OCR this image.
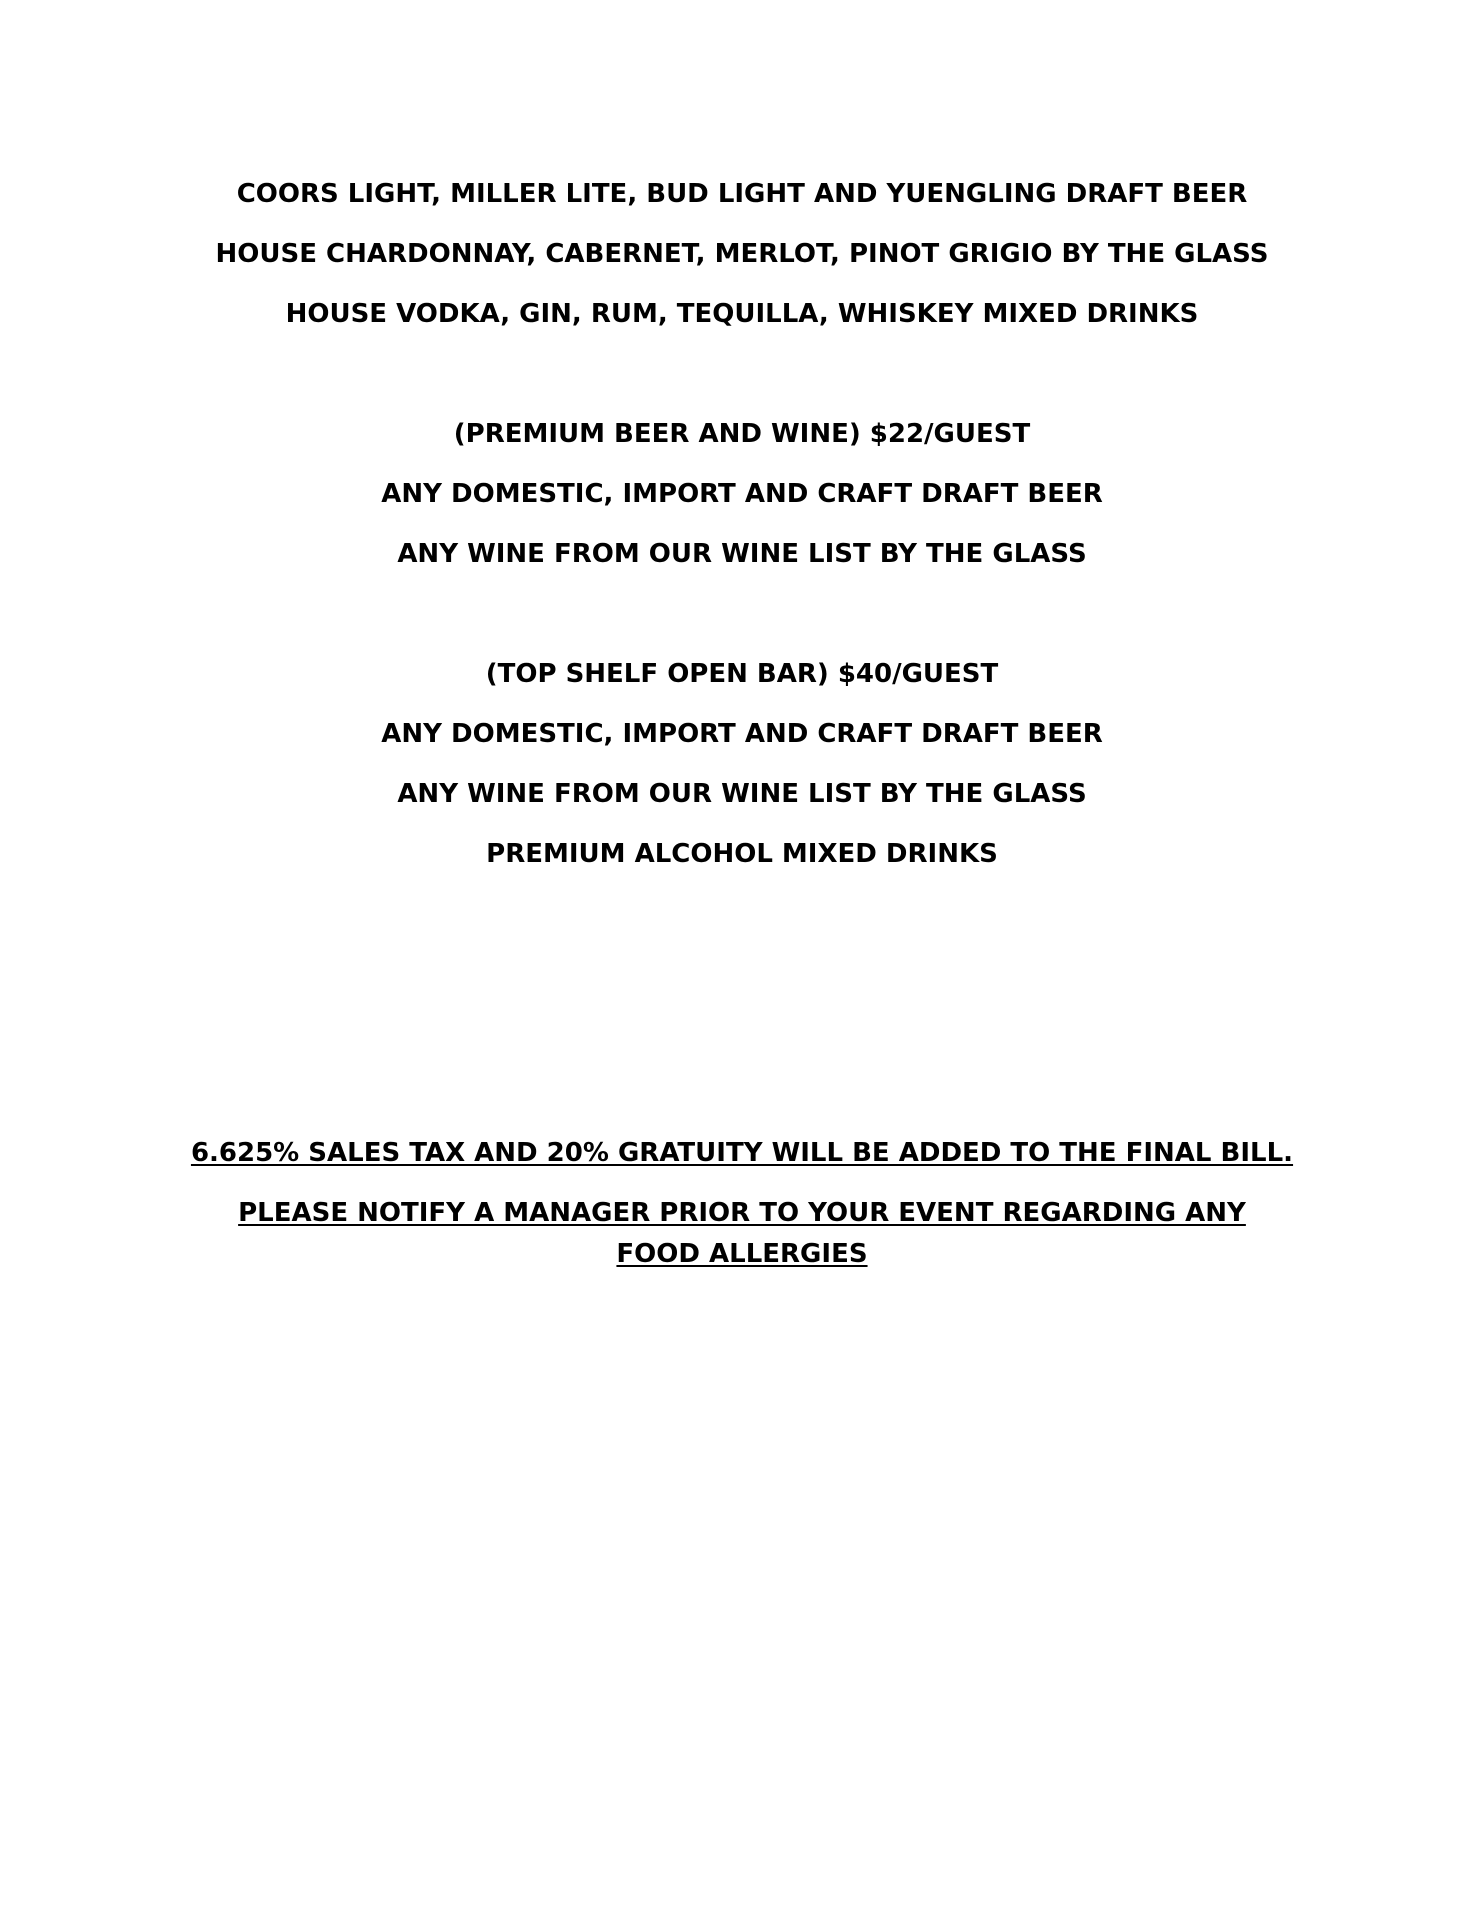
COORS LIGHT, MILLER LITE, BUD LIGHT AND YUENGLING DRAFT BEER
HOUSE CHARDONNAY, CABERNET, MERLOT, PINOT GRIGIO BY THE GLASS
HOUSE VODKA, GIN, RUM, TEQUILLA, WHISKEY MIXED DRINKS
(PREMIUM BEER AND WINE) $22/GUEST
ANY DOMESTIC, IMPORT AND CRAFT DRAFT BEER
ANY WINE FROM OUR WINE LIST BY THE GLASS
(TOP SHELF OPEN BAR) $40/GUEST
ANY DOMESTIC, IMPORT AND CRAFT DRAFT BEER
ANY WINE FROM OUR WINE LIST BY THE GLASS
PREMIUM ALCOHOL MIXED DRINKS
6.625% SALES TAX AND 20% GRATUITY WILL BE ADDED TO THE FINAL BILL.
PLEASE NOTIFY A MANAGER PRIOR TO YOUR EVENT REGARDING ANY FOOD ALLERGIES
